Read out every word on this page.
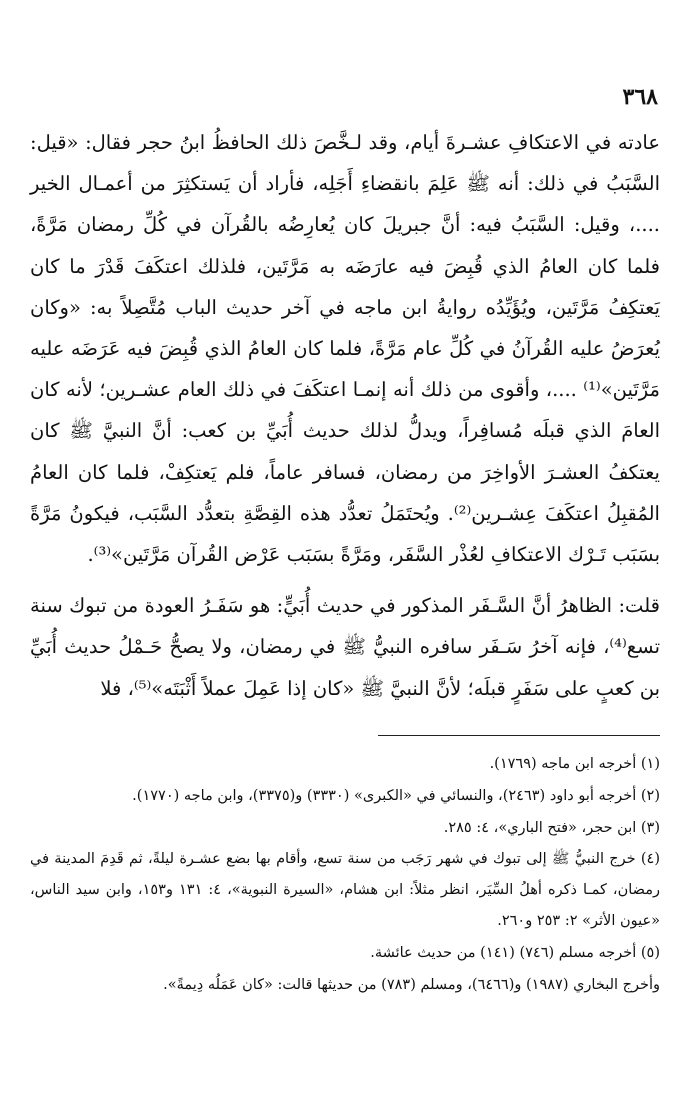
٣٦٨

عادته في الاعتكافِ عشـرةَ أيام، وقد لـخَّصَ ذلك الحافظُ ابنُ حجر فقال: «قيل: السَّبَبُ في ذلك: أنه ﷺ عَلِمَ بانقضاءِ أَجَلِه، فأراد أن يَستكثِرَ من أعمـال الخير ....، وقيل: السَّبَبُ فيه: أنَّ جبريلَ كان يُعارِضُه بالقُرآن في كُلِّ رمضان مَرَّةً، فلما كان العامُ الذي قُبِضَ فيه عارَضَه به مَرَّتَين، فلذلك اعتكَفَ قَدْرَ ما كان يَعتكِفُ مَرَّتَين، ويُؤَيِّدُه روايةُ ابن ماجه في آخر حديث الباب مُتَّصِلاً به: «وكان يُعرَضُ عليه القُرآنُ في كُلِّ عام مَرَّةً، فلما كان العامُ الذي قُبِضَ فيه عَرَضَه عليه مَرَّتَين»⁽¹⁾ ....، وأقوى من ذلك أنه إنمـا اعتكَفَ في ذلك العام عشـرين؛ لأنه كان العامَ الذي قبلَه مُسافِراً، ويدلُّ لذلك حديث أُبَيِّ بن كعب: أنَّ النبيَّ ﷺ كان يعتكفُ العشـرَ الأواخِرَ من رمضان، فسافر عاماً، فلم يَعتكِفْ، فلما كان العامُ المُقبِلُ اعتكَفَ عِشـرين⁽²⁾. ويُحتَمَلُ تعدُّد هذه القِصَّةِ بتعدُّد السَّبَب، فيكونُ مَرَّةً بسَبَب تَـرْك الاعتكافِ لعُذْر السَّفَر، ومَرَّةً بسَبَب عَرْض القُرآن مَرَّتَين»⁽³⁾.

قلت: الظاهرُ أنَّ السَّـفَر المذكور في حديث أُبَيٍّ: هو سَفَـرُ العودة من تبوك سنة تسع⁽⁴⁾، فإنه آخرُ سَـفَر سافره النبيُّ ﷺ في رمضان، ولا يصحُّ حَـمْلُ حديث أُبَيِّ بن كعبٍ على سَفَرٍ قبلَه؛ لأنَّ النبيَّ ﷺ «كان إذا عَمِلَ عملاً أَثْبَتَه»⁽⁵⁾، فلا

(١) أخرجه ابن ماجه (١٧٦٩).

(٢) أخرجه أبو داود (٢٤٦٣)، والنسائي في «الكبرى» (٣٣٣٠) و(٣٣٧٥)، وابن ماجه (١٧٧٠).

(٣) ابن حجر، «فتح الباري»، ٤: ٢٨٥.

(٤) خرج النبيُّ ﷺ إلى تبوك في شهر رَجَب من سنة تسع، وأقام بها بضع عشـرة ليلةً، ثم قَدِمَ المدينة في رمضان، كمـا ذكره أهلُ السِّيَر، انظر مثلاً: ابن هشام، «السيرة النبوية»، ٤: ١٣١ و١٥٣، وابن سيد الناس، «عيون الأثر» ٢: ٢٥٣ و٢٦٠.

(٥) أخرجه مسلم (٧٤٦) (١٤١) من حديث عائشة.

وأخرج البخاري (١٩٨٧) و(٦٤٦٦)، ومسلم (٧٨٣) من حديثها قالت: «كان عَمَلُه دِيمةً».
